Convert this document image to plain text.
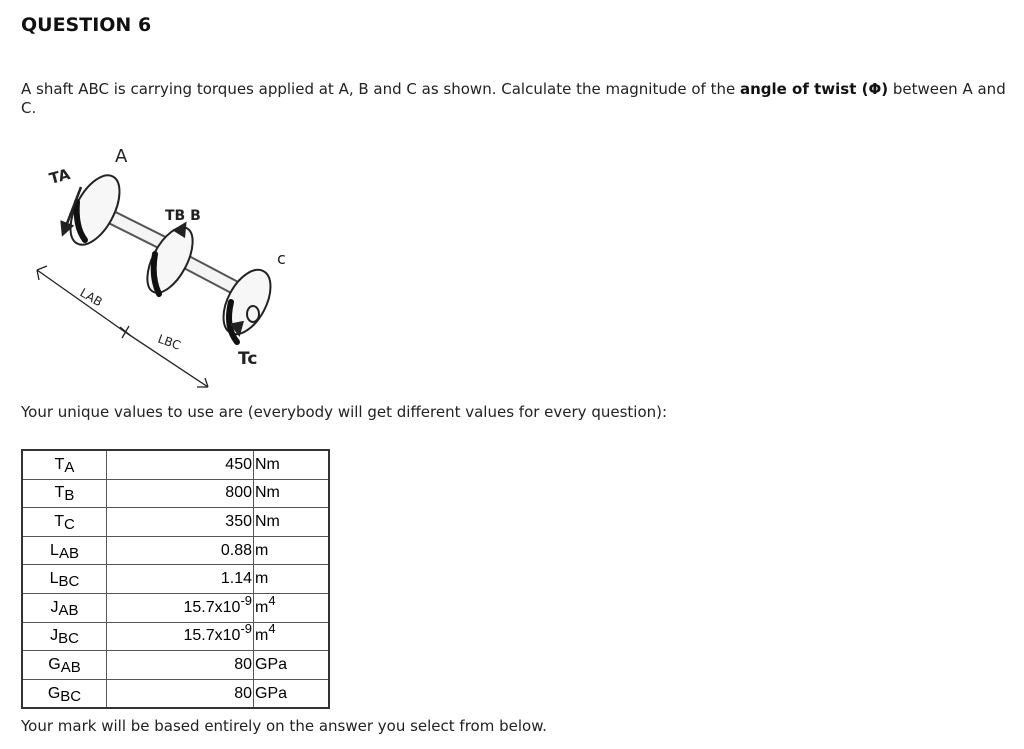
QUESTION 6
A shaft ABC is carrying torques applied at A, B and C as shown. Calculate the magnitude of the angle of twist (Φ) between A and C.
A
TA
TB B
c
LAB
LBC
Tc
Your unique values to use are (everybody will get different values for every question):
$T_A$	450	Nm
$T_B$	800	Nm
$T_C$	350	Nm
$L_{AB}$	0.88	m
$L_{BC}$	1.14	m
$J_{AB}$	$15.7x10^{-9}$	$m^4$
$J_{BC}$	$15.7x10^{-9}$	$m^4$
$G_{AB}$	80	GPa
$G_{BC}$	80	GPa
Your mark will be based entirely on the answer you select from below.
